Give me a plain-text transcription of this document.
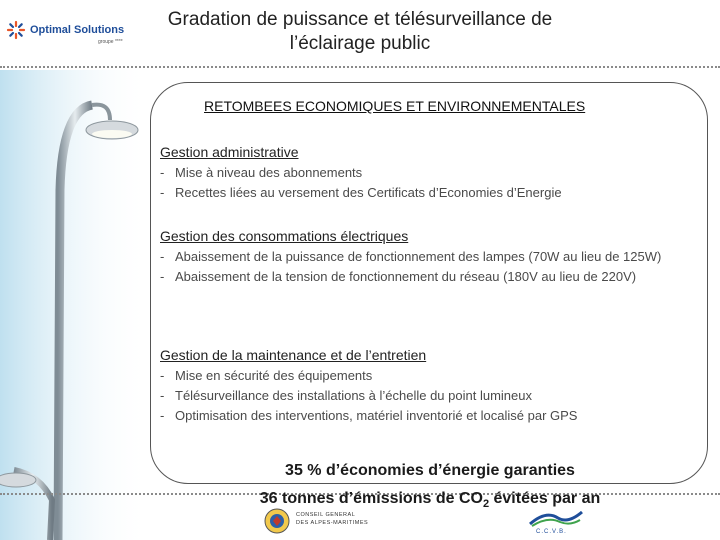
Optimal Solutions
groupe ****
Gradation de puissance et télésurveillance de l’éclairage public
RETOMBEES ECONOMIQUES ET ENVIRONNEMENTALES
Gestion administrative
- Mise à niveau des abonnements
- Recettes liées au versement des Certificats d’Economies d’Energie
Gestion des consommations électriques
- Abaissement de la puissance de fonctionnement des lampes (70W au lieu de 125W)
- Abaissement de la tension de fonctionnement du réseau (180V au lieu de 220V)
Gestion de la maintenance et de l’entretien
- Mise en sécurité des équipements
- Télésurveillance des installations à l’échelle du point lumineux
- Optimisation des interventions, matériel inventorié et localisé par GPS
35 % d’économies d’énergie garanties
36 tonnes d’émissions de $CO_2$ évitées par an
CONSEIL GENERAL
DES ALPES-MARITIMES
C.C.V.B.
